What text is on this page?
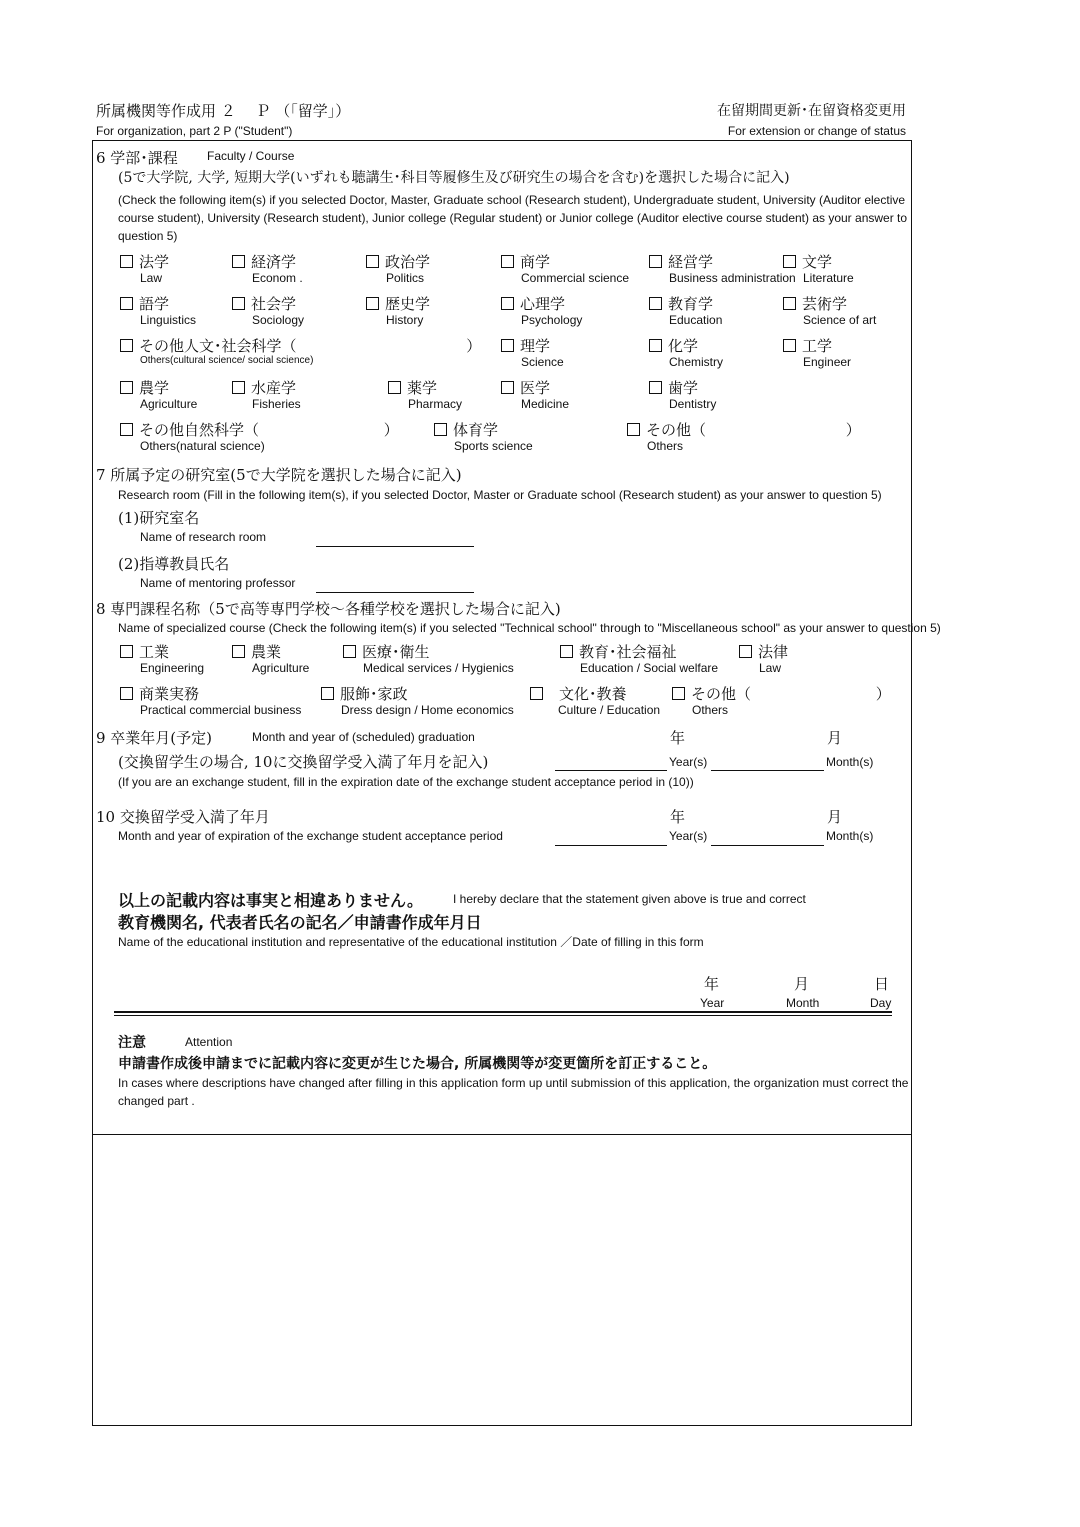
所属機関等作成用 ２　 Ｐ （｢留学｣）
For organization, part 2 P ("Student")
在留期間更新･在留資格変更用
For extension or change of status
6 学部･課程 Faculty / Course
(5で大学院, 大学, 短期大学(いずれも聴講生･科目等履修生及び研究生の場合を含む)を選択した場合に記入)
(Check the following item(s) if you selected Doctor, Master, Graduate school (Research student), Undergraduate student, University (Auditor elective
course student), University (Research student), Junior college (Regular student) or Junior college (Auditor elective course student) as your answer to
question 5)
法学
Law
経済学
Econom .
政治学
Politics
商学
Commercial science
経営学
Business administration
文学
Literature
語学
Linguistics
社会学
Sociology
歴史学
History
心理学
Psychology
教育学
Education
芸術学
Science of art
その他人文･社会科学（　　　　　　　　　　　 ）
Others(cultural science/ social science)
理学
Science
化学
Chemistry
工学
Engineer
農学
Agriculture
水産学
Fisheries
薬学
Pharmacy
医学
Medicine
歯学
Dentistry
その他自然科学（　　　　　　　　 ）
Others(natural science)
体育学
Sports science
その他（　　　　　　　　　 ）
Others
7 所属予定の研究室(5で大学院を選択した場合に記入)
Research room (Fill in the following item(s), if you selected Doctor, Master or Graduate school (Research student) as your answer to question 5)
(1)研究室名
Name of research room
(2)指導教員氏名
Name of mentoring professor
8 専門課程名称（5で高等専門学校～各種学校を選択した場合に記入)
Name of specialized course (Check the following item(s) if you selected "Technical school" through to "Miscellaneous school" as your answer to question 5)
工業
Engineering
農業
Agriculture
医療･衛生
Medical services / Hygienics
教育･社会福祉
Education / Social welfare
法律
Law
商業実務
Practical commercial business
服飾･家政
Dress design / Home economics
文化･教養
Culture / Education
その他（　　　　　　　　 ）
Others
9 卒業年月(予定)	Month and year of (scheduled) graduation	年	月
(交換留学生の場合, 10に交換留学受入満了年月を記入)	Year(s)	Month(s)
(If you are an exchange student, fill in the expiration date of the exchange student acceptance period in (10))
10 交換留学受入満了年月	年	月
Month and year of expiration of the exchange student acceptance period	Year(s)	Month(s)
以上の記載内容は事実と相違ありません。	I hereby declare that the statement given above is true and correct
教育機関名, 代表者氏名の記名／申請書作成年月日
Name of the educational institution and representative of the educational institution ／Date of filling in this form
年	月	日
Year	Month	Day
注意	Attention
申請書作成後申請までに記載内容に変更が生じた場合, 所属機関等が変更箇所を訂正すること。
In cases where descriptions have changed after filling in this application form up until submission of this application, the organization must correct the
changed part .
